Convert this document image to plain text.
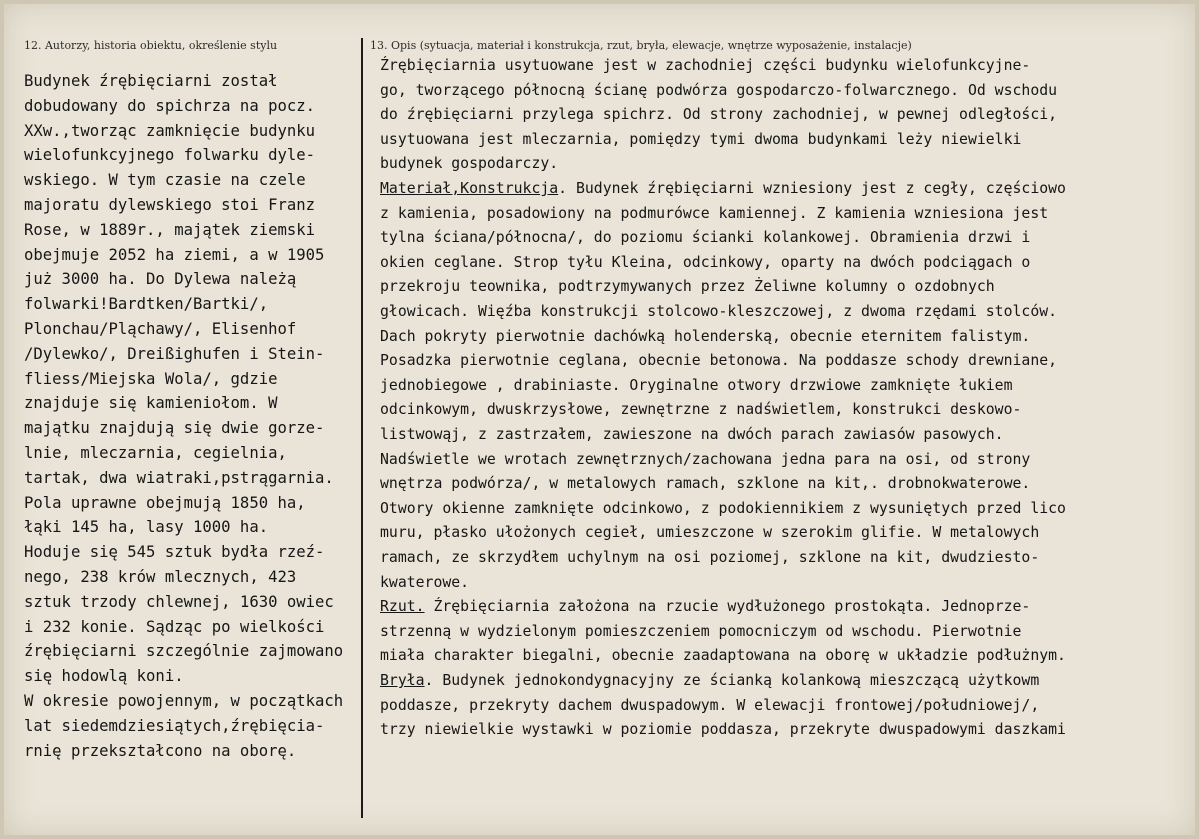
12. Autorzy, historia obiektu, określenie stylu	13. Opis (sytuacja, materiał i konstrukcja, rzut, bryła, elewacje, wnętrze wyposażenie, instalacje)
Budynek źrębięciarni został
dobudowany do spichrza na pocz.
XXw.,tworząc zamknięcie budynku
wielofunkcyjnego folwarku dyle-
wskiego. W tym czasie na czele
majoratu dylewskiego stoi Franz
Rose, w 1889r., majątek ziemski
obejmuje 2052 ha ziemi, a w 1905
już 3000 ha. Do Dylewa należą
folwarki!Bardtken/Bartki/,
Plonchau/Pląchawy/, Elisenhof
/Dylewko/, Dreißighufen i Stein-
fliess/Miejska Wola/, gdzie
znajduje się kamieniołom. W
majątku znajdują się dwie gorze-
lnie, mleczarnia, cegielnia,
tartak, dwa wiatraki,pstrągarnia.
Pola uprawne obejmują 1850 ha,
łąki 145 ha, lasy 1000 ha.
Hoduje się 545 sztuk bydła rzeź-
nego, 238 krów mlecznych, 423
sztuk trzody chlewnej, 1630 owiec
i 232 konie. Sądząc po wielkości
źrębięciarni szczególnie zajmowano
się hodowlą koni.
W okresie powojennym, w początkach
lat siedemdziesiątych,źrębięcia-
rnię przekształcono na oborę.
Źrębięciarnia usytuowane jest w zachodniej części budynku wielofunkcyjne-
go, tworzącego północną ścianę podwórza gospodarczo-folwarcznego. Od wschodu
do źrębięciarni przylega spichrz. Od strony zachodniej, w pewnej odległości,
usytuowana jest mleczarnia, pomiędzy tymi dwoma budynkami leży niewielki
budynek gospodarczy.
Materiał,Konstrukcja. Budynek źrębięciarni wzniesiony jest z cegły, częściowo
z kamienia, posadowiony na podmurówce kamiennej. Z kamienia wzniesiona jest
tylna ściana/północna/, do poziomu ścianki kolankowej. Obramienia drzwi i
okien ceglane. Strop tyłu Kleina, odcinkowy, oparty na dwóch podciągach o
przekroju teownika, podtrzymywanych przez Żeliwne kolumny o ozdobnych
głowicach. Więźba konstrukcji stolcowo-kleszczowej, z dwoma rzędami stolców.
Dach pokryty pierwotnie dachówką holenderską, obecnie eternitem falistym.
Posadzka pierwotnie ceglana, obecnie betonowa. Na poddasze schody drewniane,
jednobiegowe , drabiniaste. Oryginalne otwory drzwiowe zamknięte łukiem
odcinkowym, dwuskrzysłowe, zewnętrzne z nadświetlem, konstrukci deskowo-
listwowąj, z zastrzałem, zawieszone na dwóch parach zawiasów pasowych.
Nadświetle we wrotach zewnętrznych/zachowana jedna para na osi, od strony
wnętrza podwórza/, w metalowych ramach, szklone na kit,. drobnokwaterowe.
Otwory okienne zamknięte odcinkowo, z podokiennikiem z wysuniętych przed lico
muru, płasko ułożonych cegieł, umieszczone w szerokim glifie. W metalowych
ramach, ze skrzydłem uchylnym na osi poziomej, szklone na kit, dwudziesto-
kwaterowe.
Rzut. Źrębięciarnia założona na rzucie wydłużonego prostokąta. Jednoprze-
strzenną w wydzielonym pomieszczeniem pomocniczym od wschodu. Pierwotnie
miała charakter biegalni, obecnie zaadaptowana na oborę w układzie podłużnym.
Bryła. Budynek jednokondygnacyjny ze ścianką kolankową mieszczącą użytkowm
poddasze, przekryty dachem dwuspadowym. W elewacji frontowej/południowej/,
trzy niewielkie wystawki w poziomie poddasza, przekryte dwuspadowymi daszkami
